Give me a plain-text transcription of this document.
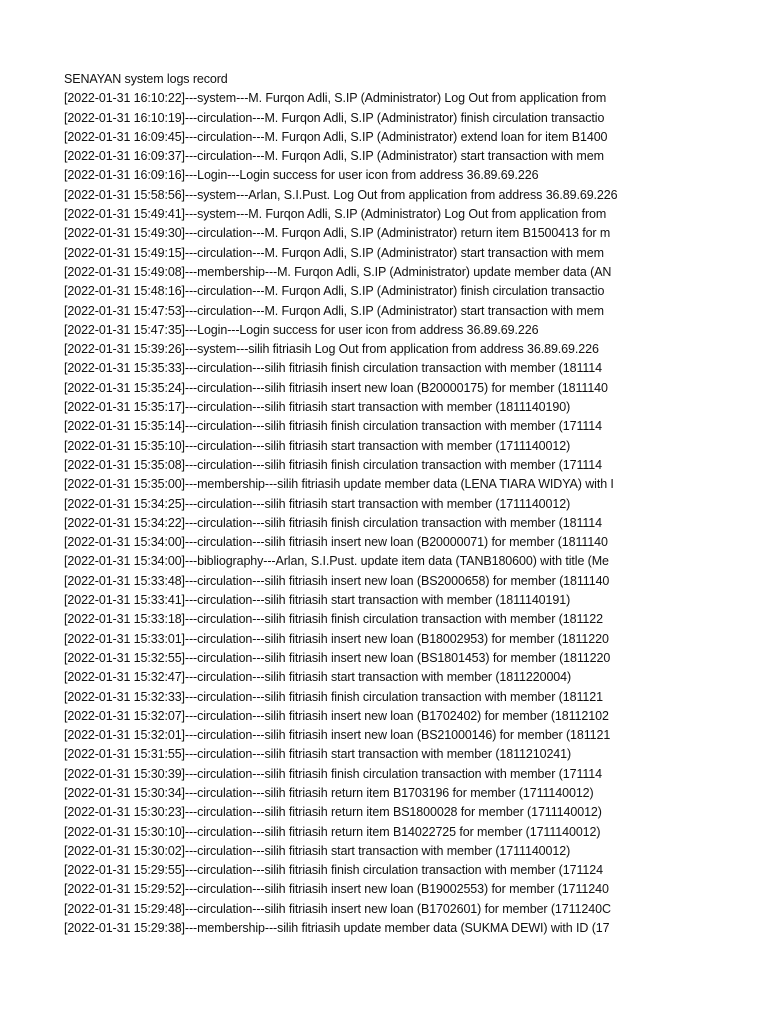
SENAYAN system logs record
[2022-01-31 16:10:22]---system---M. Furqon Adli, S.IP (Administrator) Log Out from application from
[2022-01-31 16:10:19]---circulation---M. Furqon Adli, S.IP (Administrator) finish circulation transactio
[2022-01-31 16:09:45]---circulation---M. Furqon Adli, S.IP (Administrator) extend loan for item B1400
[2022-01-31 16:09:37]---circulation---M. Furqon Adli, S.IP (Administrator) start transaction with mem
[2022-01-31 16:09:16]---Login---Login success for user icon from address 36.89.69.226
[2022-01-31 15:58:56]---system---Arlan, S.I.Pust. Log Out from application from address 36.89.69.226
[2022-01-31 15:49:41]---system---M. Furqon Adli, S.IP (Administrator) Log Out from application from
[2022-01-31 15:49:30]---circulation---M. Furqon Adli, S.IP (Administrator) return item B1500413 for m
[2022-01-31 15:49:15]---circulation---M. Furqon Adli, S.IP (Administrator) start transaction with mem
[2022-01-31 15:49:08]---membership---M. Furqon Adli, S.IP (Administrator) update member data (AN
[2022-01-31 15:48:16]---circulation---M. Furqon Adli, S.IP (Administrator) finish circulation transactio
[2022-01-31 15:47:53]---circulation---M. Furqon Adli, S.IP (Administrator) start transaction with mem
[2022-01-31 15:47:35]---Login---Login success for user icon from address 36.89.69.226
[2022-01-31 15:39:26]---system---silih fitriasih Log Out from application from address 36.89.69.226
[2022-01-31 15:35:33]---circulation---silih fitriasih finish circulation transaction with member (181114
[2022-01-31 15:35:24]---circulation---silih fitriasih insert new loan (B20000175) for member (1811140
[2022-01-31 15:35:17]---circulation---silih fitriasih start transaction with member (1811140190)
[2022-01-31 15:35:14]---circulation---silih fitriasih finish circulation transaction with member (171114
[2022-01-31 15:35:10]---circulation---silih fitriasih start transaction with member (1711140012)
[2022-01-31 15:35:08]---circulation---silih fitriasih finish circulation transaction with member (171114
[2022-01-31 15:35:00]---membership---silih fitriasih update member data (LENA TIARA WIDYA) with I
[2022-01-31 15:34:25]---circulation---silih fitriasih start transaction with member (1711140012)
[2022-01-31 15:34:22]---circulation---silih fitriasih finish circulation transaction with member (181114
[2022-01-31 15:34:00]---circulation---silih fitriasih insert new loan (B20000071) for member (1811140
[2022-01-31 15:34:00]---bibliography---Arlan, S.I.Pust. update item data (TANB180600) with title (Me
[2022-01-31 15:33:48]---circulation---silih fitriasih insert new loan (BS2000658) for member (1811140
[2022-01-31 15:33:41]---circulation---silih fitriasih start transaction with member (1811140191)
[2022-01-31 15:33:18]---circulation---silih fitriasih finish circulation transaction with member (181122
[2022-01-31 15:33:01]---circulation---silih fitriasih insert new loan (B18002953) for member (1811220
[2022-01-31 15:32:55]---circulation---silih fitriasih insert new loan (BS1801453) for member (1811220
[2022-01-31 15:32:47]---circulation---silih fitriasih start transaction with member (1811220004)
[2022-01-31 15:32:33]---circulation---silih fitriasih finish circulation transaction with member (181121
[2022-01-31 15:32:07]---circulation---silih fitriasih insert new loan (B1702402) for member (18112102
[2022-01-31 15:32:01]---circulation---silih fitriasih insert new loan (BS21000146) for member (181121
[2022-01-31 15:31:55]---circulation---silih fitriasih start transaction with member (1811210241)
[2022-01-31 15:30:39]---circulation---silih fitriasih finish circulation transaction with member (171114
[2022-01-31 15:30:34]---circulation---silih fitriasih return item B1703196 for member (1711140012)
[2022-01-31 15:30:23]---circulation---silih fitriasih return item BS1800028 for member (1711140012)
[2022-01-31 15:30:10]---circulation---silih fitriasih return item B14022725 for member (1711140012)
[2022-01-31 15:30:02]---circulation---silih fitriasih start transaction with member (1711140012)
[2022-01-31 15:29:55]---circulation---silih fitriasih finish circulation transaction with member (171124
[2022-01-31 15:29:52]---circulation---silih fitriasih insert new loan (B19002553) for member (1711240
[2022-01-31 15:29:48]---circulation---silih fitriasih insert new loan (B1702601) for member (1711240C
[2022-01-31 15:29:38]---membership---silih fitriasih update member data (SUKMA DEWI) with ID (17
